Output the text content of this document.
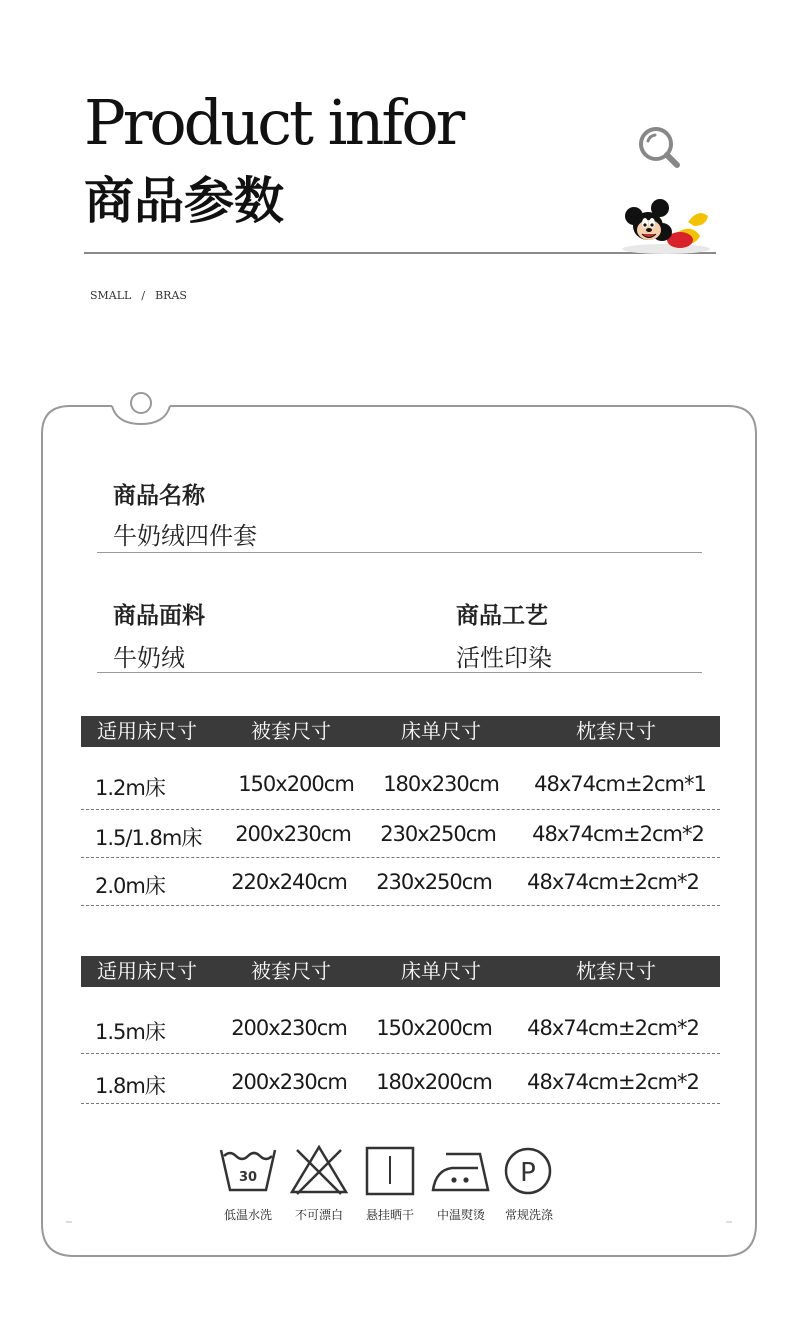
Product infor
商品参数
SMALL / BRAS
商品名称
牛奶绒四件套
商品面料
牛奶绒
商品工艺
活性印染
适用床尺寸	被套尺寸	床单尺寸	枕套尺寸
1.2m床	150x200cm	180x230cm	48x74cm±2cm*1
1.5/1.8m床	200x230cm	230x250cm	48x74cm±2cm*2
2.0m床	220x240cm	230x250cm	48x74cm±2cm*2
适用床尺寸	被套尺寸	床单尺寸	枕套尺寸
1.5m床	200x230cm	150x200cm	48x74cm±2cm*2
1.8m床	200x230cm	180x200cm	48x74cm±2cm*2
30	P
低温水洗 不可漂白 悬挂晒干 中温熨烫 常规洗涤
